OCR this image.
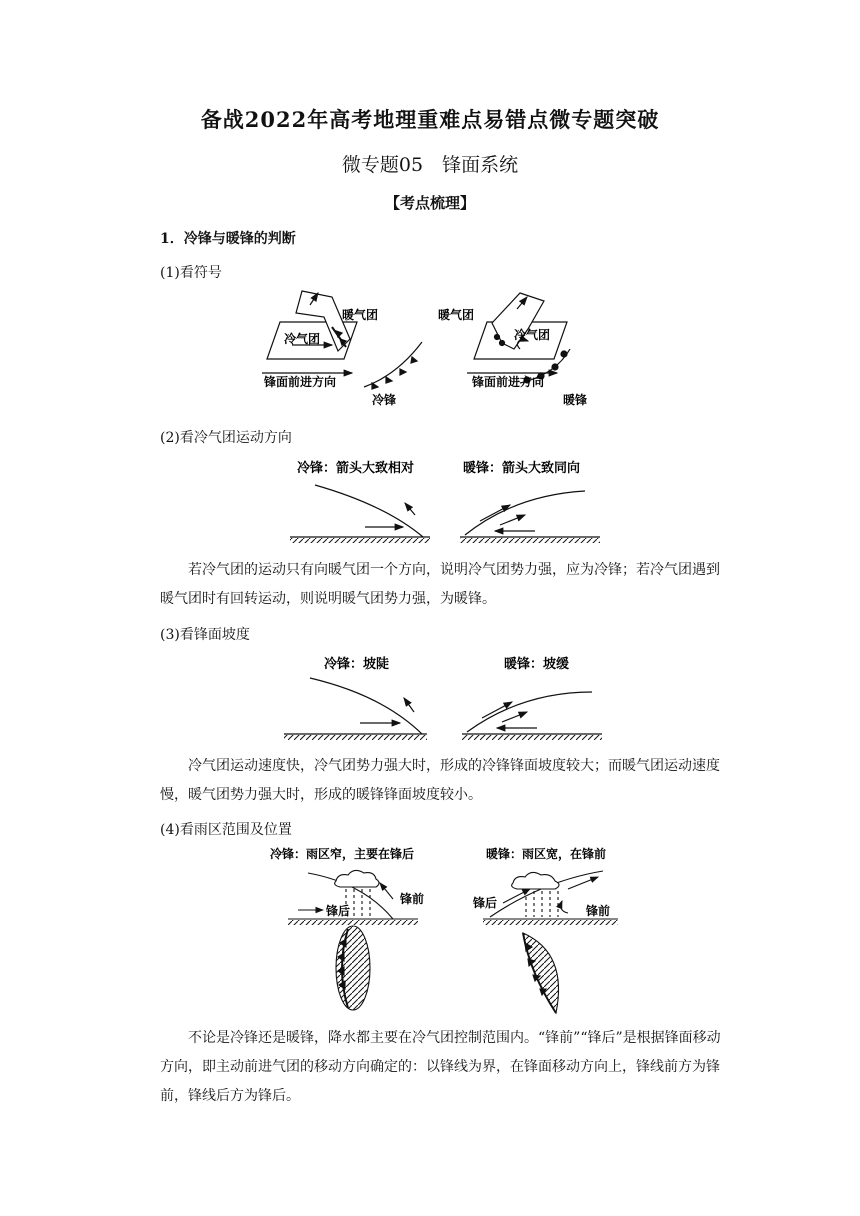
备战2022年高考地理重难点易错点微专题突破
微专题05　锋面系统
【考点梳理】
1．冷锋与暖锋的判断
(1)看符号
暖气团
冷气团
暖气团
冷气团
锋面前进方向	锋面前进方向
冷锋	暖锋
(2)看冷气团运动方向
冷锋：箭头大致相对	暖锋：箭头大致同向
若冷气团的运动只有向暖气团一个方向，说明冷气团势力强，应为冷锋；若冷气团遇到暖气团时有回转运动，则说明暖气团势力强，为暖锋。
(3)看锋面坡度
冷锋：坡陡	暖锋：坡缓
冷气团运动速度快，冷气团势力强大时，形成的冷锋锋面坡度较大；而暖气团运动速度慢，暖气团势力强大时，形成的暖锋锋面坡度较小。
(4)看雨区范围及位置
冷锋：雨区窄，主要在锋后	暖锋：雨区宽，在锋前
锋后
锋前	锋后
锋前
不论是冷锋还是暖锋，降水都主要在冷气团控制范围内。“锋前”“锋后”是根据锋面移动方向，即主动前进气团的移动方向确定的：以锋线为界，在锋面移动方向上，锋线前方为锋前，锋线后方为锋后。
